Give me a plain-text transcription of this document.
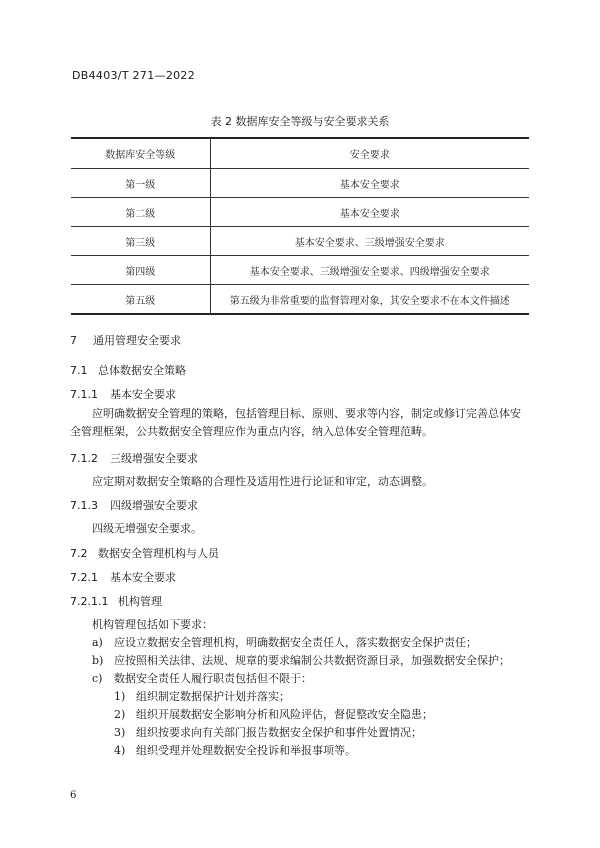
DB4403/T 271—2022
表 2 数据库安全等级与安全要求关系
数据库安全等级	安全要求
第一级	基本安全要求
第二级	基本安全要求
第三级	基本安全要求、三级增强安全要求
第四级	基本安全要求、三级增强安全要求、四级增强安全要求
第五级	第五级为非常重要的监督管理对象，其安全要求不在本文件描述
7 通用管理安全要求
7.1 总体数据安全策略
7.1.1 基本安全要求
应明确数据安全管理的策略，包括管理目标、原则、要求等内容，制定或修订完善总体安全管理框架，公共数据安全管理应作为重点内容，纳入总体安全管理范畴。
7.1.2 三级增强安全要求
应定期对数据安全策略的合理性及适用性进行论证和审定，动态调整。
7.1.3 四级增强安全要求
四级无增强安全要求。
7.2 数据安全管理机构与人员
7.2.1 基本安全要求
7.2.1.1 机构管理
机构管理包括如下要求：
a) 应设立数据安全管理机构，明确数据安全责任人，落实数据安全保护责任；
b) 应按照相关法律、法规、规章的要求编制公共数据资源目录，加强数据安全保护；
c) 数据安全责任人履行职责包括但不限于：
1) 组织制定数据保护计划并落实；
2) 组织开展数据安全影响分析和风险评估，督促整改安全隐患；
3) 组织按要求向有关部门报告数据安全保护和事件处置情况；
4) 组织受理并处理数据安全投诉和举报事项等。
6
